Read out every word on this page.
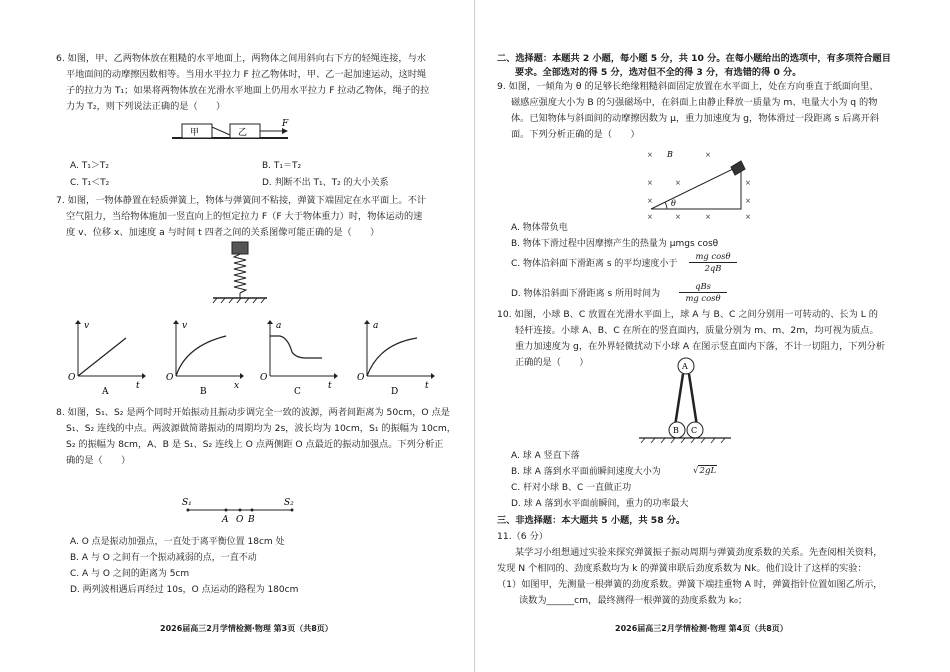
6. 如图，甲、乙两物体放在粗糙的水平地面上，两物体之间用斜向右下方的轻绳连接，与水
平地面间的动摩擦因数相等。当用水平拉力 F 拉乙物体时，甲、乙一起加速运动，这时绳
子的拉力为 T₁；如果将两物体放在光滑水平地面上仍用水平拉力 F 拉动乙物体，绳子的拉
力为 T₂，则下列说法正确的是（　　）
甲	乙
F
A. T₁＞T₂	B. T₁＝T₂
C. T₁＜T₂	D. 判断不出 T₁、T₂ 的大小关系
7. 如图，一物体静置在轻质弹簧上，物体与弹簧间不粘接，弹簧下端固定在水平面上。不计
空气阻力，当给物体施加一竖直向上的恒定拉力 F（F 大于物体重力）时，物体运动的速
度 v、位移 x、加速度 a 与时间 t 四者之间的关系图像可能正确的是（　　）
v
t
O
A
v
x
O
B
a
t
O
C
a
t
O
D
8. 如图，S₁、S₂ 是两个同时开始振动且振动步调完全一致的波源，两者间距离为 50cm，O 点是
S₁、S₂ 连线的中点。两波源做简谐振动的周期均为 2s，波长均为 10cm，S₁ 的振幅为 10cm，
S₂ 的振幅为 8cm，A、B 是 S₁、S₂ 连线上 O 点两侧距 O 点最近的振动加强点。下列分析正
确的是（　　）
S₁	S₂
A O B
A. O 点是振动加强点，一直处于离平衡位置 18cm 处
B. A 与 O 之间有一个振动减弱的点，一直不动
C. A 与 O 之间的距离为 5cm
D. 两列波相遇后再经过 10s，O 点运动的路程为 180cm
2026届高三2月学情检测·物理 第3页（共8页）
二、选择题：本题共 2 小题，每小题 5 分，共 10 分。在每小题给出的选项中，有多项符合题目
要求。全部选对的得 5 分，选对但不全的得 3 分，有选错的得 0 分。
9. 如图，一倾角为 θ 的足够长绝缘粗糙斜面固定放置在水平面上，处在方向垂直于纸面向里、
磁感应强度大小为 B 的匀强磁场中，在斜面上由静止释放一质量为 m、电量大小为 q 的物
体。已知物体与斜面间的动摩擦因数为 μ，重力加速度为 g，物体滑过一段距离 s 后离开斜
面。下列分析正确的是（　　）
×	×
×	×	×
×	×
×	×	×	×
θ
B
A. 物体带负电
B. 物体下滑过程中因摩擦产生的热量为 μmgs cosθ
C. 物体沿斜面下滑距离 s 的平均速度小于
mg cosθ
2qB
D. 物体沿斜面下滑距离 s 所用时间为
qBs
mg cosθ
10. 如图，小球 B、C 放置在光滑水平面上，球 A 与 B、C 之间分别用一可转动的、长为 L 的
轻杆连接。小球 A、B、C 在所在的竖直面内，质量分别为 m、m、2m，均可视为质点。
重力加速度为 g，在外界轻微扰动下小球 A 在图示竖直面内下落，不计一切阻力，下列分析
正确的是（　　）	A
B C
A. 球 A 竖直下落
B. 球 A 落到水平面前瞬间速度大小为	√2gL
C. 杆对小球 B、C 一直做正功
D. 球 A 落到水平面前瞬间，重力的功率最大
三、非选择题：本大题共 5 小题，共 58 分。
11.（6 分）
某学习小组想通过实验来探究弹簧振子振动周期与弹簧劲度系数的关系。先查阅相关资料，
发现 N 个相同的、劲度系数均为 k 的弹簧串联后劲度系数为 Nk。他们设计了这样的实验：
（1）如图甲，先测量一根弹簧的劲度系数。弹簧下端挂重物 A 时，弹簧指针位置如图乙所示，
读数为______cm，最终测得一根弹簧的劲度系数为 k₀；
2026届高三2月学情检测·物理 第4页（共8页）
